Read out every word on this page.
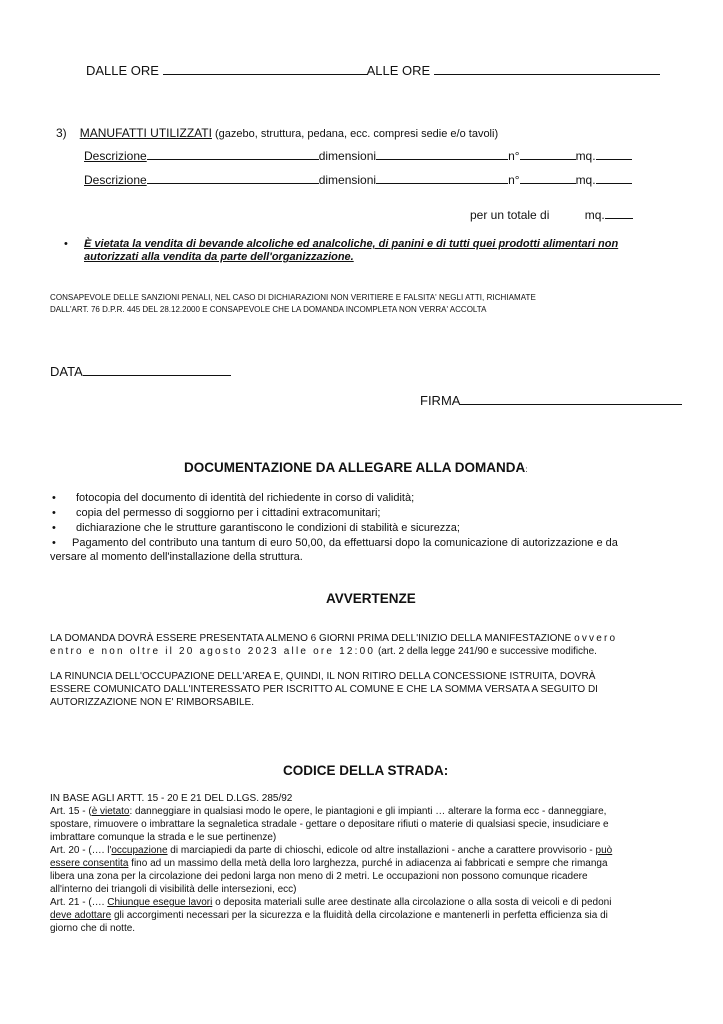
DALLE ORE	ALLE ORE
3) MANUFATTI UTILIZZATI (gazebo, struttura, pedana, ecc. compresi sedie e/o tavoli)
Descrizione	dimensioni	n°	mq.
Descrizione	dimensioni	n°	mq.
per un totale di	mq.
• È vietata la vendita di bevande alcoliche ed analcoliche, di panini e di tutti quei prodotti alimentari non
autorizzati alla vendita da parte dell'organizzazione.
CONSAPEVOLE DELLE SANZIONI PENALI, NEL CASO DI DICHIARAZIONI NON VERITIERE E FALSITA' NEGLI ATTI, RICHIAMATE
DALL'ART. 76 D.P.R. 445 DEL 28.12.2000 E CONSAPEVOLE CHE LA DOMANDA INCOMPLETA NON VERRA' ACCOLTA
DATA
FIRMA
DOCUMENTAZIONE DA ALLEGARE ALLA DOMANDA:
• fotocopia del documento di identità del richiedente in corso di validità;
• copia del permesso di soggiorno per i cittadini extracomunitari;
• dichiarazione che le strutture garantiscono le condizioni di stabilità e sicurezza;
• Pagamento del contributo una tantum di euro 50,00, da effettuarsi dopo la comunicazione di autorizzazione e da
versare al momento dell'installazione della struttura.
AVVERTENZE
LA DOMANDA DOVRÀ ESSERE PRESENTATA ALMENO 6 GIORNI PRIMA DELL'INIZIO DELLA MANIFESTAZIONE ovvero
entro e non oltre il 20 agosto 2023 alle ore 12:00 (art. 2 della legge 241/90 e successive modifiche.
LA RINUNCIA DELL'OCCUPAZIONE DELL'AREA E, QUINDI, IL NON RITIRO DELLA CONCESSIONE ISTRUITA, DOVRÀ
ESSERE COMUNICATO DALL'INTERESSATO PER ISCRITTO AL COMUNE E CHE LA SOMMA VERSATA A SEGUITO DI
AUTORIZZAZIONE NON E' RIMBORSABILE.
CODICE DELLA STRADA:
IN BASE AGLI ARTT. 15 - 20 E 21 DEL D.LGS. 285/92
Art. 15 - (è vietato: danneggiare in qualsiasi modo le opere, le piantagioni e gli impianti … alterare la forma ecc - danneggiare,
spostare, rimuovere o imbrattare la segnaletica stradale - gettare o depositare rifiuti o materie di qualsiasi specie, insudiciare e
imbrattare comunque la strada e le sue pertinenze)
Art. 20 - (…. l'occupazione di marciapiedi da parte di chioschi, edicole od altre installazioni - anche a carattere provvisorio - può
essere consentita fino ad un massimo della metà della loro larghezza, purché in adiacenza ai fabbricati e sempre che rimanga
libera una zona per la circolazione dei pedoni larga non meno di 2 metri. Le occupazioni non possono comunque ricadere
all'interno dei triangoli di visibilità delle intersezioni, ecc)
Art. 21 - (…. Chiunque esegue lavori o deposita materiali sulle aree destinate alla circolazione o alla sosta di veicoli e di pedoni
deve adottare gli accorgimenti necessari per la sicurezza e la fluidità della circolazione e mantenerli in perfetta efficienza sia di
giorno che di notte.
